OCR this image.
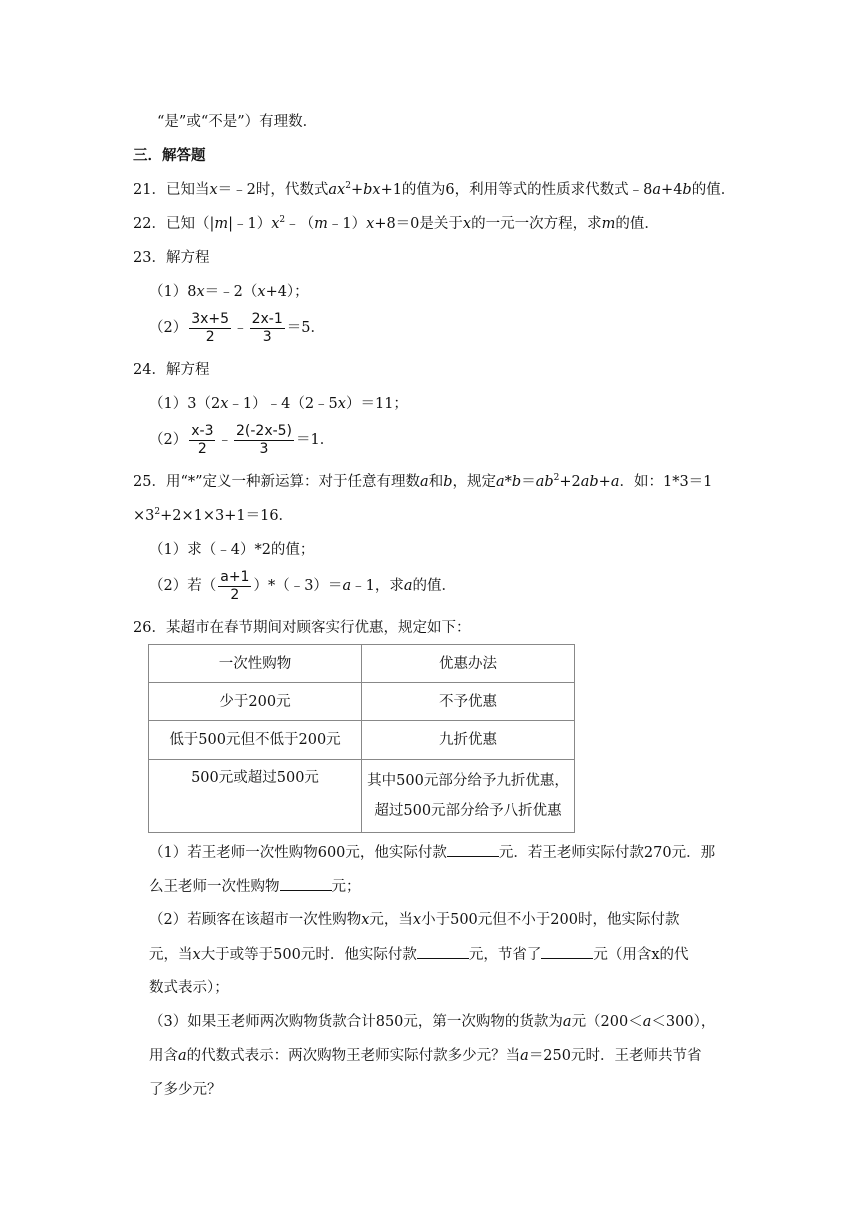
“是”或“不是”）有理数．
三．解答题
21．已知当x＝﹣2时，代数式$ax^2+bx+1$的值为6，利用等式的性质求代数式﹣8a+4b的值．
22．已知$(|m|﹣1)x^2﹣(m﹣1)x+8=0$是关于x的一元一次方程，求m的值．
23．解方程
（1）8x＝﹣2（x+4）；
$(2) \frac{3x+5}{2}$ ﹣ $\frac{2x-1}{3} =5$．
24．解方程
（1）3（2x﹣1）﹣4（2﹣5x）＝11；
$(2) \frac{x-3}{2}$ ﹣ $\frac{2(-2x-5)}{3} =1$．
25．用“*”定义一种新运算：对于任意有理数a和b，规定$a*b=ab^2+2ab+a$．如：1*3＝1
$\times 3^2+2\times 1\times 3+1=16$．
（1）求（﹣4）*2的值；
（2）若（ $\frac{a+1}{2}$ ）*（﹣3）＝a﹣1，求a的值．
26．某超市在春节期间对顾客实行优惠，规定如下：
一次性购物	优惠办法
少于200元	不予优惠
低于500元但不低于200元	九折优惠
500元或超过500元	其中500元部分给予九折优惠，
超过500元部分给予八折优惠
（1）若王老师一次性购物600元，他实际付款	元．若王老师实际付款270元．那
么王老师一次性购物	元；
（2）若顾客在该超市一次性购物x元，当x小于500元但不小于200时，他实际付款
元，当x大于或等于500元时．他实际付款	元，节省了	元（用含x的代
数式表示）；
（3）如果王老师两次购物货款合计850元，第一次购物的货款为a元（200＜a＜300），
用含a的代数式表示：两次购物王老师实际付款多少元？当a＝250元时．王老师共节省
了多少元？
